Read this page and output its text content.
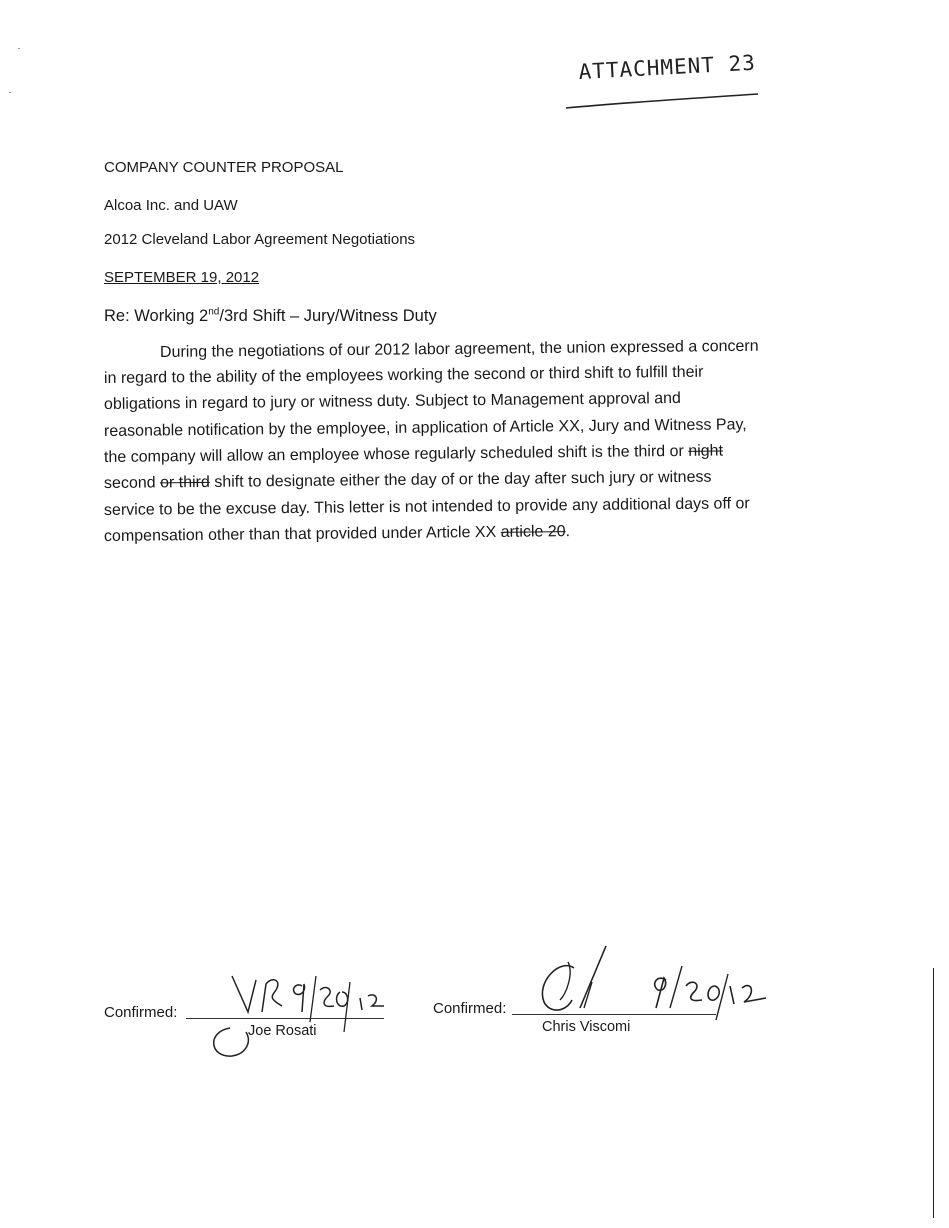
ATTACHMENT 23
COMPANY COUNTER PROPOSAL
Alcoa Inc. and UAW
2012 Cleveland Labor Agreement Negotiations
SEPTEMBER 19, 2012
Re: Working 2nd/3rd Shift – Jury/Witness Duty
During the negotiations of our 2012 labor agreement, the union expressed a concern
in regard to the ability of the employees working the second or third shift to fulfill their
obligations in regard to jury or witness duty. Subject to Management approval and
reasonable notification by the employee, in application of Article XX, Jury and Witness Pay,
the company will allow an employee whose regularly scheduled shift is the third or night
second or third shift to designate either the day of or the day after such jury or witness
service to be the excuse day. This letter is not intended to provide any additional days off or
compensation other than that provided under Article XX article 20.
Confirmed:
Joe Rosati
Confirmed:
Chris Viscomi
